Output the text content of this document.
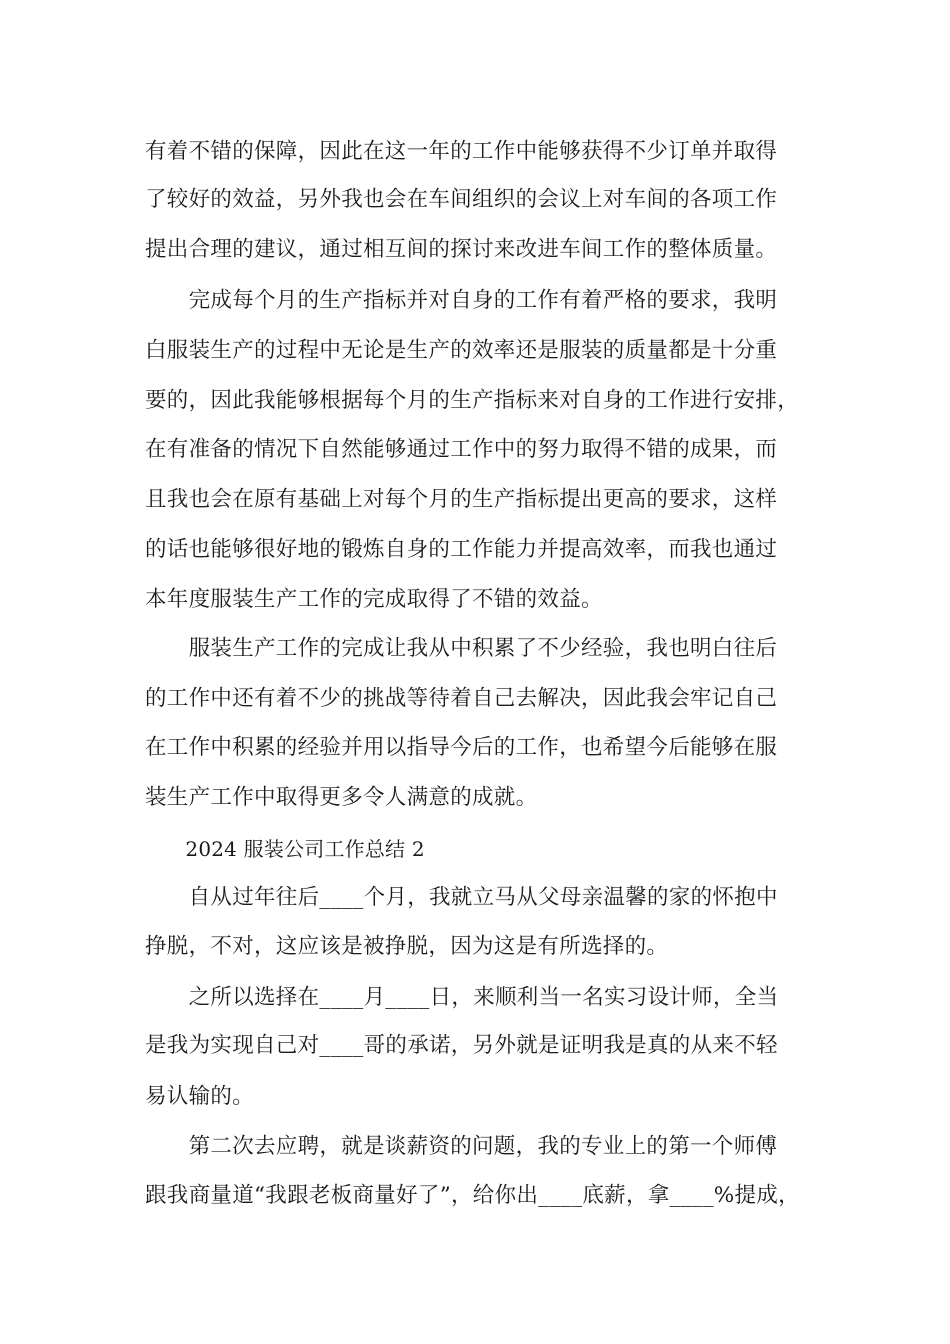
有着不错的保障，因此在这一年的工作中能够获得不少订单并取得
了较好的效益，另外我也会在车间组织的会议上对车间的各项工作
提出合理的建议，通过相互间的探讨来改进车间工作的整体质量。
　　完成每个月的生产指标并对自身的工作有着严格的要求，我明
白服装生产的过程中无论是生产的效率还是服装的质量都是十分重
要的，因此我能够根据每个月的生产指标来对自身的工作进行安排，
在有准备的情况下自然能够通过工作中的努力取得不错的成果，而
且我也会在原有基础上对每个月的生产指标提出更高的要求，这样
的话也能够很好地的锻炼自身的工作能力并提高效率，而我也通过
本年度服装生产工作的完成取得了不错的效益。
　　服装生产工作的完成让我从中积累了不少经验，我也明白往后
的工作中还有着不少的挑战等待着自己去解决，因此我会牢记自己
在工作中积累的经验并用以指导今后的工作，也希望今后能够在服
装生产工作中取得更多令人满意的成就。
　　2024 服装公司工作总结 2
　　自从过年往后____个月，我就立马从父母亲温馨的家的怀抱中
挣脱，不对，这应该是被挣脱，因为这是有所选择的。
　　之所以选择在____月____日，来顺利当一名实习设计师，全当
是我为实现自己对____哥的承诺，另外就是证明我是真的从来不轻
易认输的。
　　第二次去应聘，就是谈薪资的问题，我的专业上的第一个师傅
跟我商量道“我跟老板商量好了”，给你出____底薪，拿____%提成，
